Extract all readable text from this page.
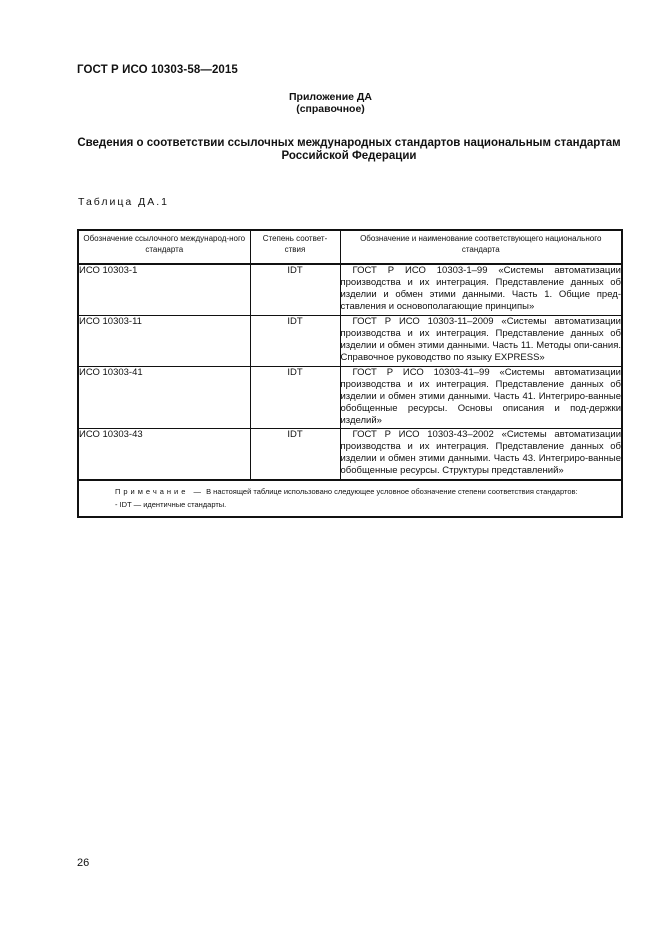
ГОСТ Р ИСО 10303-58—2015
Приложение ДА
(справочное)
Сведения о соответствии ссылочных международных стандартов национальным стандартам
Российской Федерации
Таблица ДА.1
Обозначение ссылочного международ-ного стандарта	Степень соответ-ствия	Обозначение и наименование соответствующего национального стандарта
ИСО 10303-1	IDT	ГОСТ Р ИСО 10303-1–99 «Системы автоматизации производства и их интеграция. Представление данных об изделии и обмен этими данными. Часть 1. Общие пред-ставления и основополагающие принципы»
ИСО 10303-11	IDT	ГОСТ Р ИСО 10303-11–2009 «Системы автоматизации производства и их интеграция. Представление данных об изделии и обмен этими данными. Часть 11. Методы опи-сания. Справочное руководство по языку EXPRESS»
ИСО 10303-41	IDT	ГОСТ Р ИСО 10303-41–99 «Системы автоматизации производства и их интеграция. Представление данных об изделии и обмен этими данными. Часть 41. Интегриро-ванные обобщенные ресурсы. Основы описания и под-держки изделий»
ИСО 10303-43	IDT	ГОСТ Р ИСО 10303-43–2002 «Системы автоматизации производства и их интеграция. Представление данных об изделии и обмен этими данными. Часть 43. Интегриро-ванные обобщенные ресурсы. Структуры представлений»

Примечание — В настоящей таблице использовано следующее условное обозначение степени соответствия стандартов:
- IDT — идентичные стандарты.		
26
